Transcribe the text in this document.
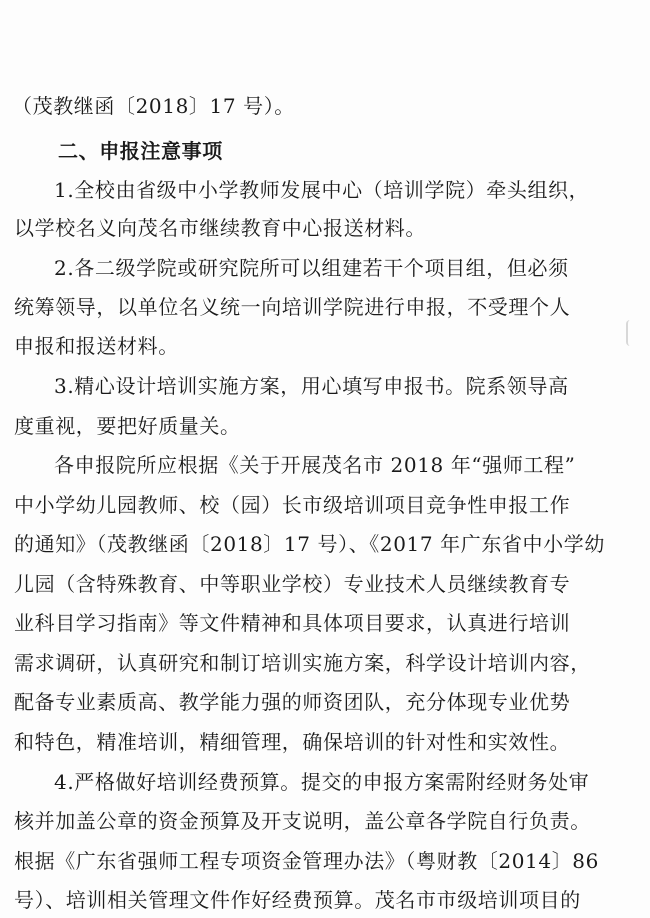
（茂教继函〔2018〕17 号）。
二、申报注意事项
1.全校由省级中小学教师发展中心（培训学院）牵头组织，
以学校名义向茂名市继续教育中心报送材料。
2.各二级学院或研究院所可以组建若干个项目组，但必须
统筹领导，以单位名义统一向培训学院进行申报，不受理个人
申报和报送材料。
3.精心设计培训实施方案，用心填写申报书。院系领导高
度重视，要把好质量关。
各申报院所应根据《关于开展茂名市 2018 年“强师工程”
中小学幼儿园教师、校（园）长市级培训项目竞争性申报工作
的通知》（茂教继函〔2018〕17 号）、《2017 年广东省中小学幼
儿园（含特殊教育、中等职业学校）专业技术人员继续教育专
业科目学习指南》等文件精神和具体项目要求，认真进行培训
需求调研，认真研究和制订培训实施方案，科学设计培训内容，
配备专业素质高、教学能力强的师资团队，充分体现专业优势
和特色，精准培训，精细管理，确保培训的针对性和实效性。
4.严格做好培训经费预算。提交的申报方案需附经财务处审
核并加盖公章的资金预算及开支说明，盖公章各学院自行负责。
根据《广东省强师工程专项资金管理办法》（粤财教〔2014〕86
号）、培训相关管理文件作好经费预算。茂名市市级培训项目的
